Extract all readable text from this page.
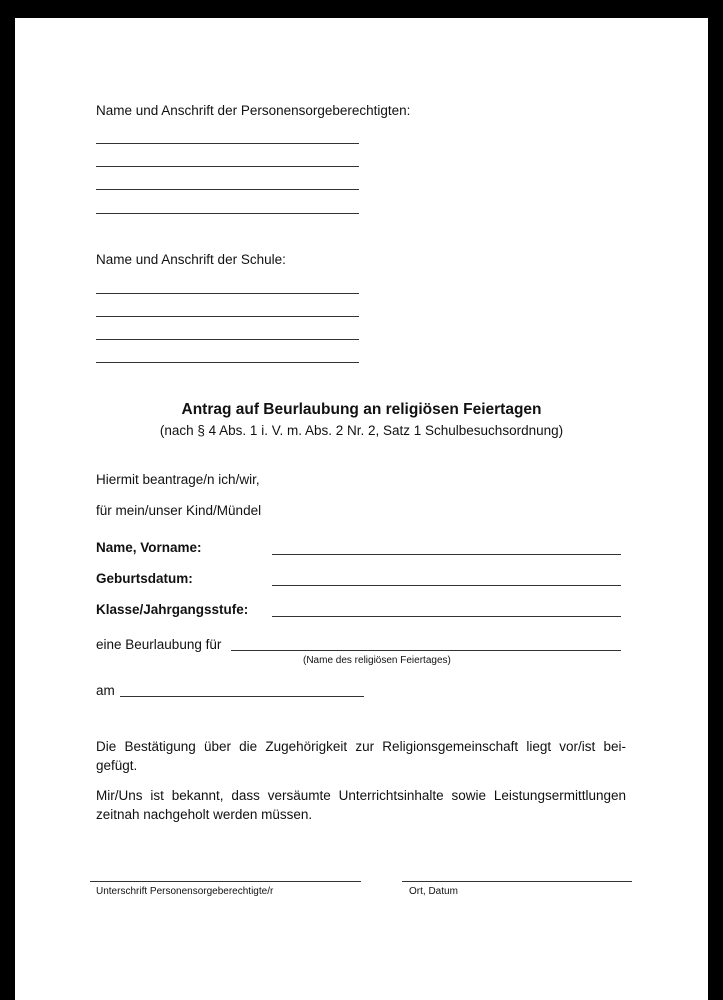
Name und Anschrift der Personensorgeberechtigten:
Name und Anschrift der Schule:
Antrag auf Beurlaubung an religiösen Feiertagen
(nach § 4 Abs. 1 i. V. m. Abs. 2 Nr. 2, Satz 1 Schulbesuchsordnung)
Hiermit beantrage/n ich/wir,
für mein/unser Kind/Mündel
Name, Vorname:
Geburtsdatum:
Klasse/Jahrgangsstufe:
eine Beurlaubung für
(Name des religiösen Feiertages)
am
Die Bestätigung über die Zugehörigkeit zur Religionsgemeinschaft liegt vor/ist bei-gefügt.
Mir/Uns ist bekannt, dass versäumte Unterrichtsinhalte sowie Leistungsermittlungen zeitnah nachgeholt werden müssen.
Unterschrift Personensorgeberechtigte/r	Ort, Datum
